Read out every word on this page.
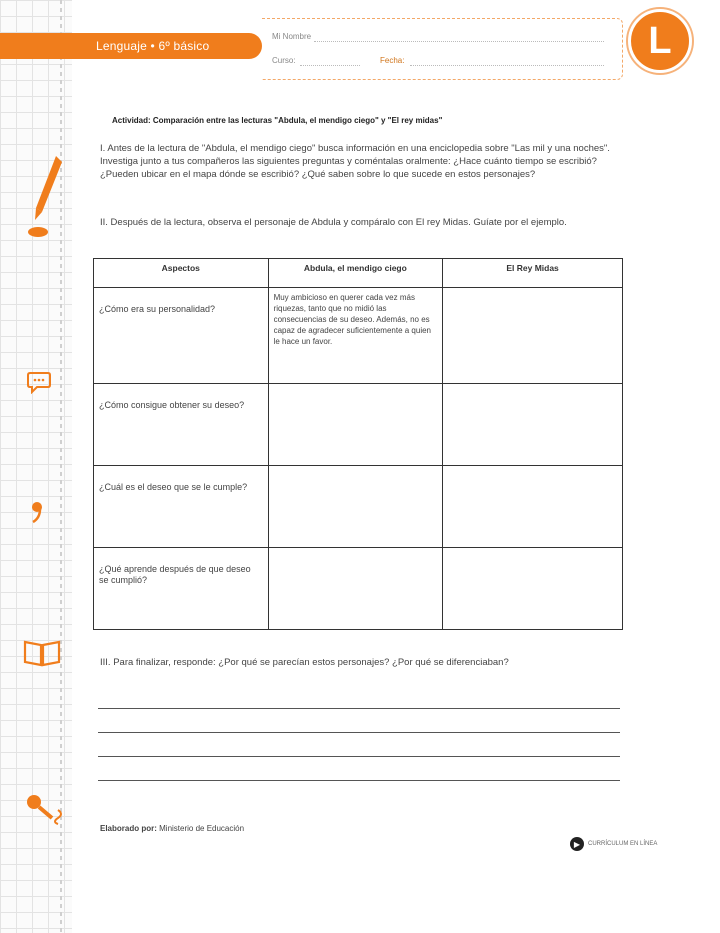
Lenguaje • 6º básico
Mi Nombre
Curso:	Fecha:	L
Actividad: Comparación entre las lecturas "Abdula, el mendigo ciego" y "El rey midas"
I. Antes de la lectura de "Abdula, el mendigo ciego" busca información en una enciclopedia sobre "Las mil y una noches". Investiga junto a tus compañeros las siguientes preguntas y coméntalas oralmente: ¿Hace cuánto tiempo se escribió? ¿Pueden ubicar en el mapa dónde se escribió? ¿Qué saben sobre lo que sucede en estos personajes?
II. Después de la lectura, observa el personaje de Abdula y compáralo con El rey Midas. Guíate por el ejemplo.
Aspectos	Abdula, el mendigo ciego	El Rey Midas
¿Cómo era su personalidad?	Muy ambicioso en querer cada vez más riquezas, tanto que no midió las consecuencias de su deseo. Además, no es capaz de agradecer suficientemente a quien le hace un favor.	
¿Cómo consigue obtener su deseo?		
¿Cuál es el deseo que se le cumple?		
¿Qué aprende después de que deseo se cumplió?		
III. Para finalizar, responde: ¿Por qué se parecían estos personajes? ¿Por qué se diferenciaban?
Elaborado por: Ministerio de Educación
▶	CURRÍCULUM EN LÍNEA
